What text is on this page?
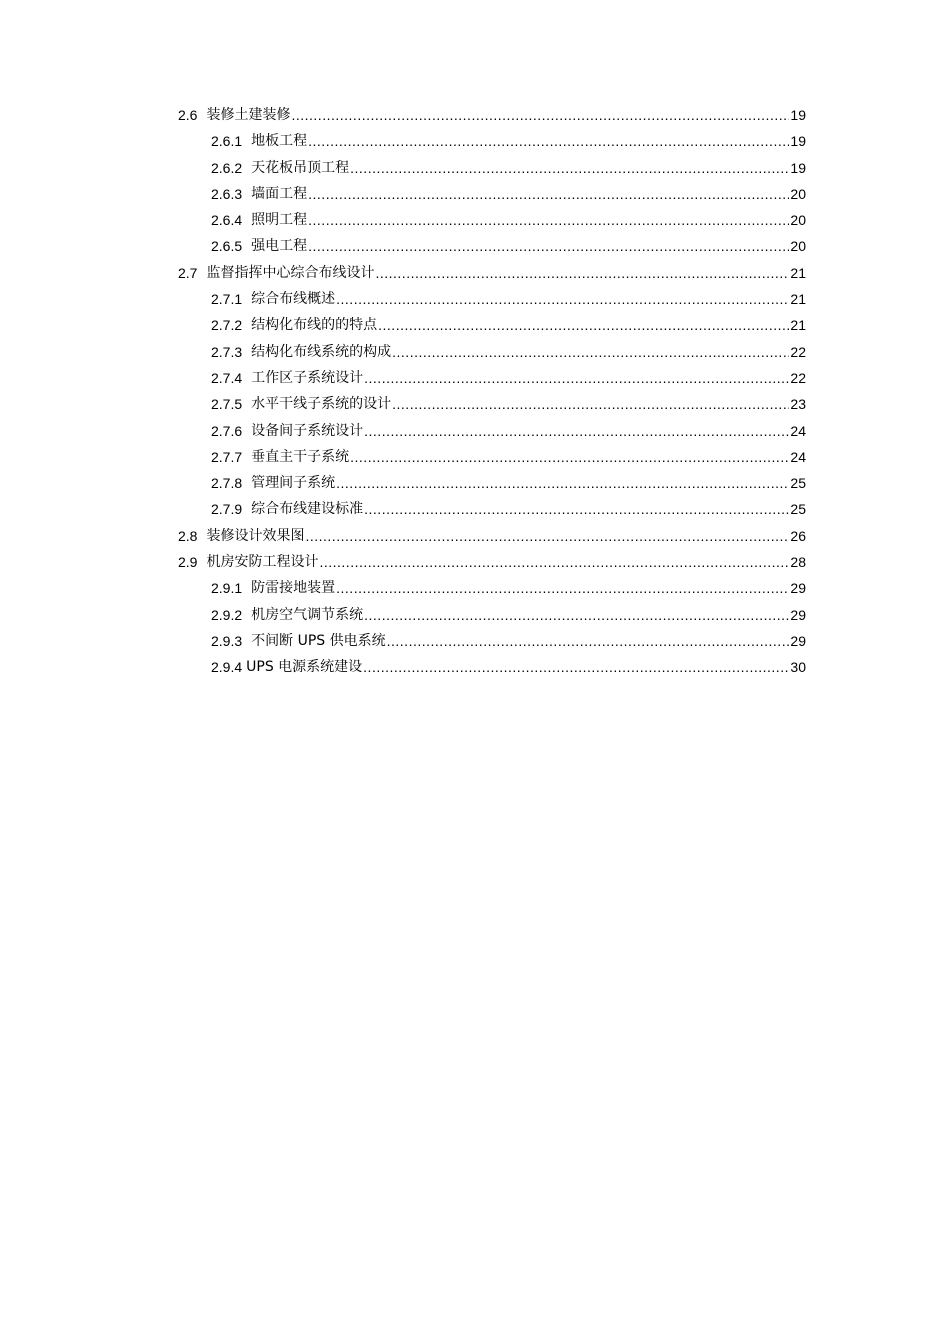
2.6 装修土建装修 .....	19
2.6.1 地板工程 .....	19
2.6.2 天花板吊顶工程 .....	19
2.6.3 墙面工程 .....	20
2.6.4 照明工程 .....	20
2.6.5 强电工程 .....	20
2.7 监督指挥中心综合布线设计 .....	21
2.7.1 综合布线概述 .....	21
2.7.2 结构化布线的的特点 .....	21
2.7.3 结构化布线系统的构成 .....	22
2.7.4 工作区子系统设计 .....	22
2.7.5 水平干线子系统的设计 .....	23
2.7.6 设备间子系统设计 .....	24
2.7.7 垂直主干子系统 .....	24
2.7.8 管理间子系统 .....	25
2.7.9 综合布线建设标准 .....	25
2.8 装修设计效果图 .....	26
2.9 机房安防工程设计 .....	28
2.9.1 防雷接地装置 .....	29
2.9.2 机房空气调节系统 .....	29
2.9.3 不间断 UPS 供电系统 .....	29
2.9.4 UPS 电源系统建设 .....	30
